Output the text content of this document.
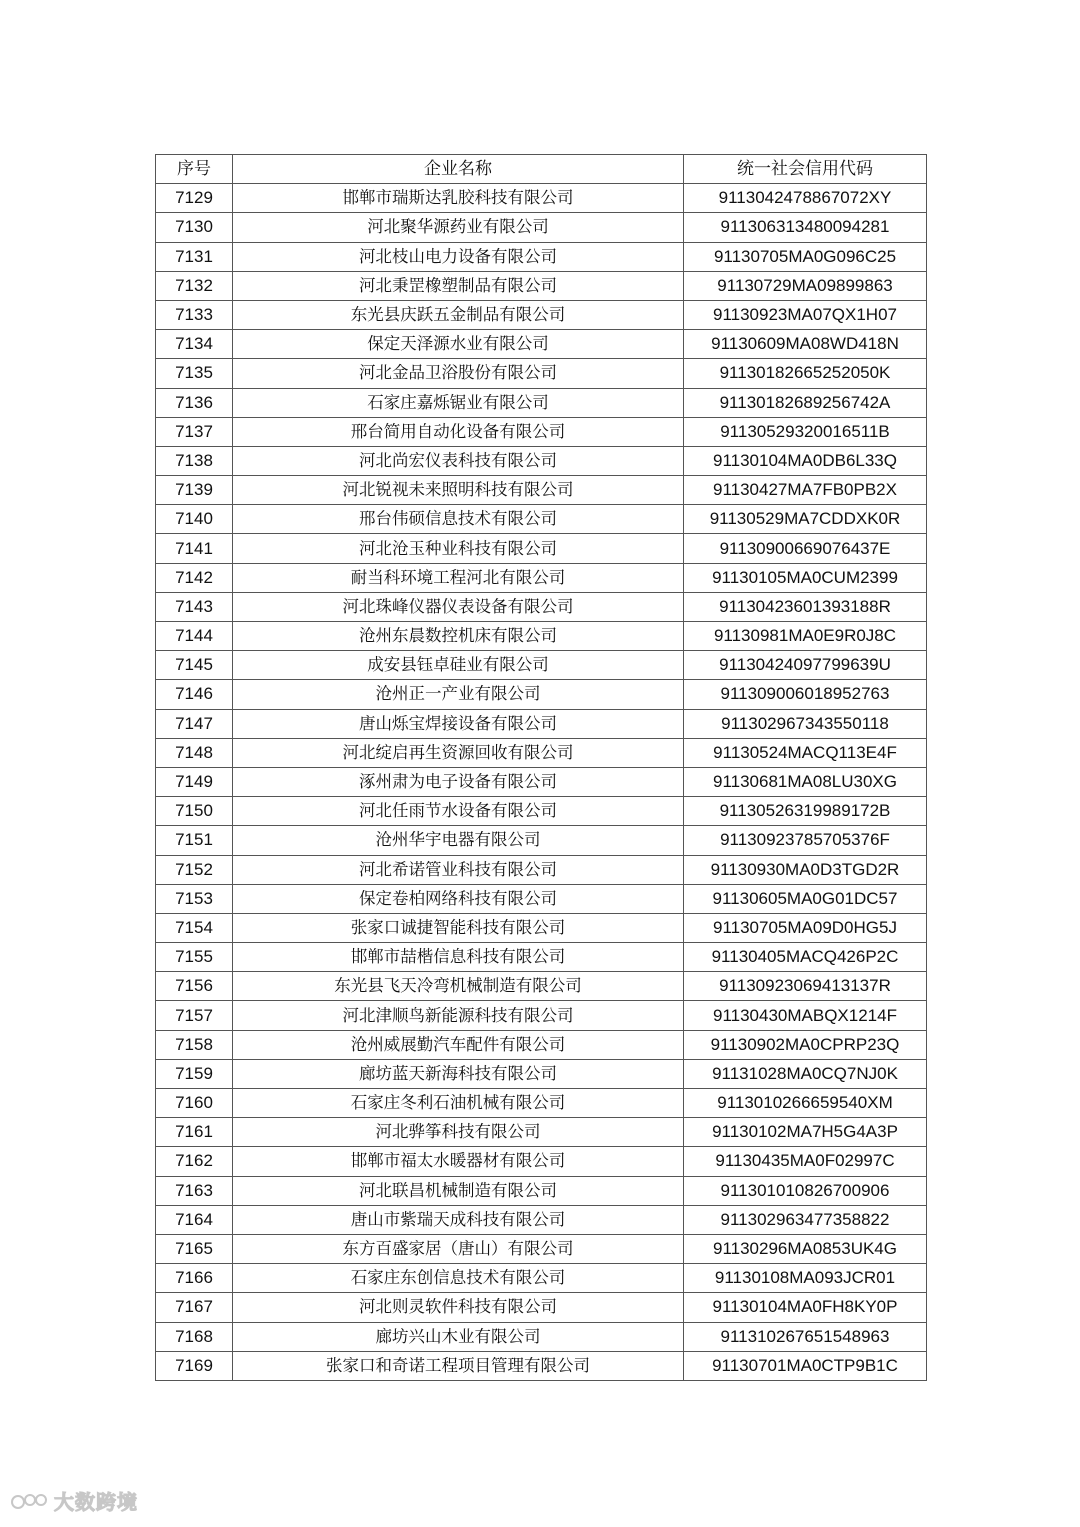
序号	企业名称	统一社会信用代码
7129	邯郸市瑞斯达乳胶科技有限公司	9113042478867072XY
7130	河北聚华源药业有限公司	911306313480094281
7131	河北枝山电力设备有限公司	91130705MA0G096C25
7132	河北秉罡橡塑制品有限公司	91130729MA09899863
7133	东光县庆跃五金制品有限公司	91130923MA07QX1H07
7134	保定天泽源水业有限公司	91130609MA08WD418N
7135	河北金品卫浴股份有限公司	91130182665252050K
7136	石家庄嘉烁锯业有限公司	91130182689256742A
7137	邢台简用自动化设备有限公司	91130529320016511B
7138	河北尚宏仪表科技有限公司	91130104MA0DB6L33Q
7139	河北锐视未来照明科技有限公司	91130427MA7FB0PB2X
7140	邢台伟硕信息技术有限公司	91130529MA7CDDXK0R
7141	河北沧玉种业科技有限公司	91130900669076437E
7142	耐当科环境工程河北有限公司	91130105MA0CUM2399
7143	河北珠峰仪器仪表设备有限公司	91130423601393188R
7144	沧州东晨数控机床有限公司	91130981MA0E9R0J8C
7145	成安县钰卓硅业有限公司	91130424097799639U
7146	沧州正一产业有限公司	911309006018952763
7147	唐山烁宝焊接设备有限公司	911302967343550118
7148	河北绽启再生资源回收有限公司	91130524MACQ113E4F
7149	涿州肃为电子设备有限公司	91130681MA08LU30XG
7150	河北任雨节水设备有限公司	91130526319989172B
7151	沧州华宇电器有限公司	91130923785705376F
7152	河北希诺管业科技有限公司	91130930MA0D3TGD2R
7153	保定卷柏网络科技有限公司	91130605MA0G01DC57
7154	张家口诚捷智能科技有限公司	91130705MA09D0HG5J
7155	邯郸市喆楷信息科技有限公司	91130405MACQ426P2C
7156	东光县飞天冷弯机械制造有限公司	91130923069413137R
7157	河北津顺鸟新能源科技有限公司	91130430MABQX1214F
7158	沧州威展勤汽车配件有限公司	91130902MA0CPRP23Q
7159	廊坊蓝天新海科技有限公司	91131028MA0CQ7NJ0K
7160	石家庄冬利石油机械有限公司	9113010266659540XM
7161	河北骅筝科技有限公司	91130102MA7H5G4A3P
7162	邯郸市福太水暖器材有限公司	91130435MA0F02997C
7163	河北联昌机械制造有限公司	911301010826700906
7164	唐山市紫瑞天成科技有限公司	911302963477358822
7165	东方百盛家居（唐山）有限公司	91130296MA0853UK4G
7166	石家庄东创信息技术有限公司	91130108MA093JCR01
7167	河北则灵软件科技有限公司	91130104MA0FH8KY0P
7168	廊坊兴山木业有限公司	911310267651548963
7169	张家口和奇诺工程项目管理有限公司	91130701MA0CTP9B1C
大数跨境
